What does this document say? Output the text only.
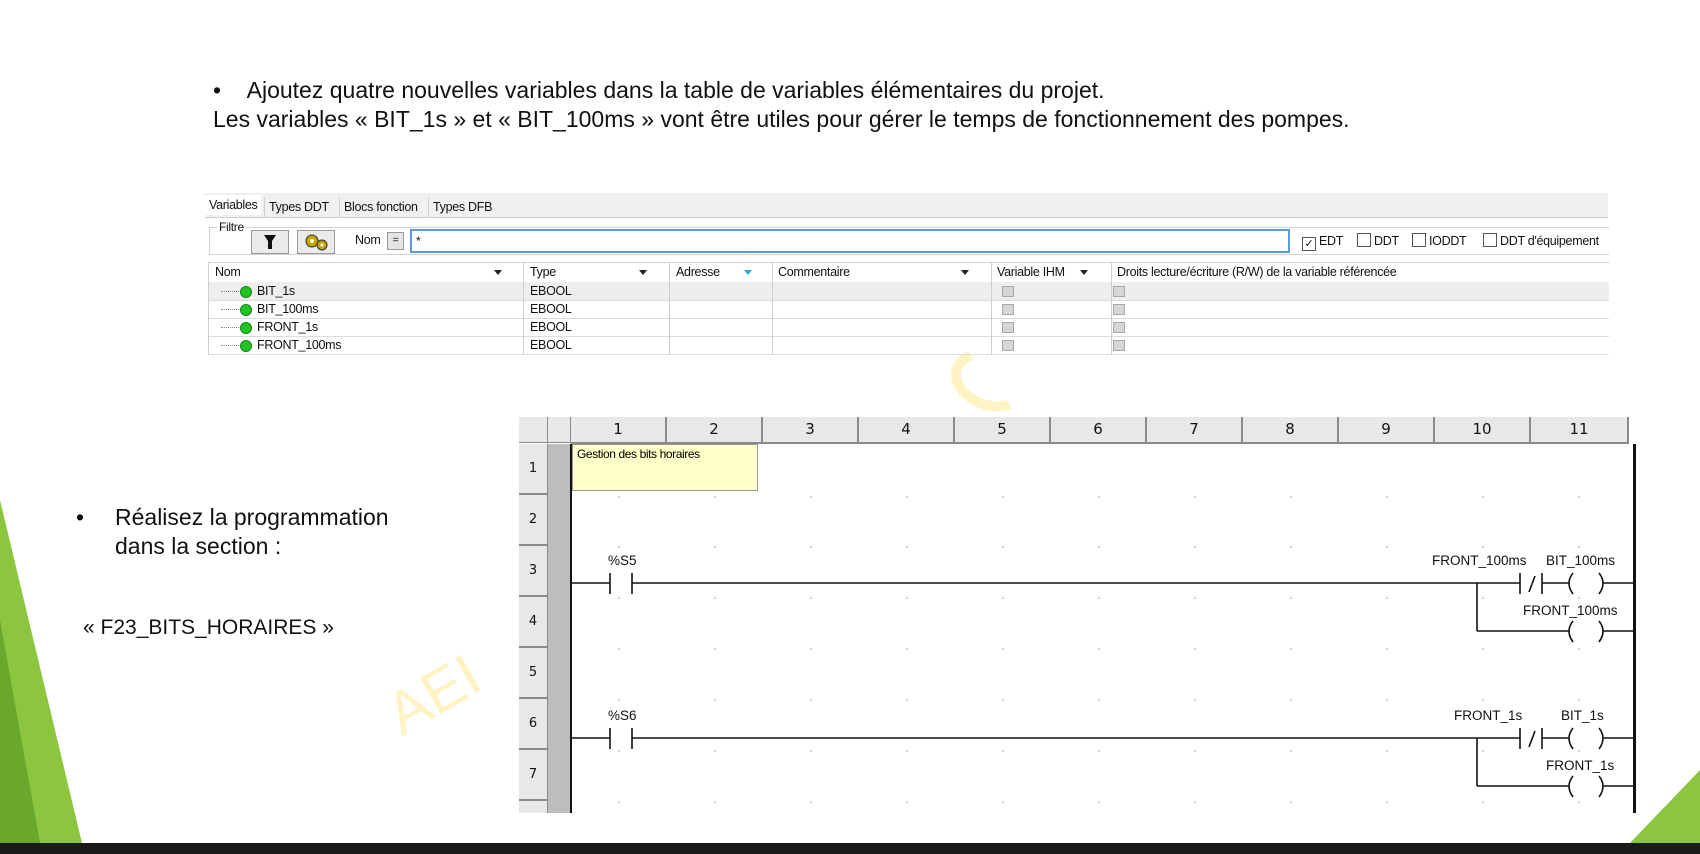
AEI
• Ajoutez quatre nouvelles variables dans la table de variables élémentaires du projet.
Les variables « BIT_1s » et « BIT_100ms » vont être utiles pour gérer le temps de fonctionnement des pompes.
• Réalisez la programmation dans la section :
« F23_BITS_HORAIRES »
Variables Types DDT	Blocs fonction	Types DFB
Filtre
Nom	=	*	✓ EDT	DDT	IODDT	DDT d'équipement
Nom	Type	Adresse	Commentaire	Variable IHM	Droits lecture/écriture (R/W) de la variable référencée
BIT_1s	EBOOL
BIT_100ms	EBOOL
FRONT_1s	EBOOL
FRONT_100ms	EBOOL
1	2	3	4	5	6	7	8	9	10	11
1
2
3
4
5
6
7
Gestion des bits horaires
%S5	FRONT_100ms BIT_100ms
FRONT_100ms
%S6	FRONT_1s	BIT_1s
FRONT_1s
